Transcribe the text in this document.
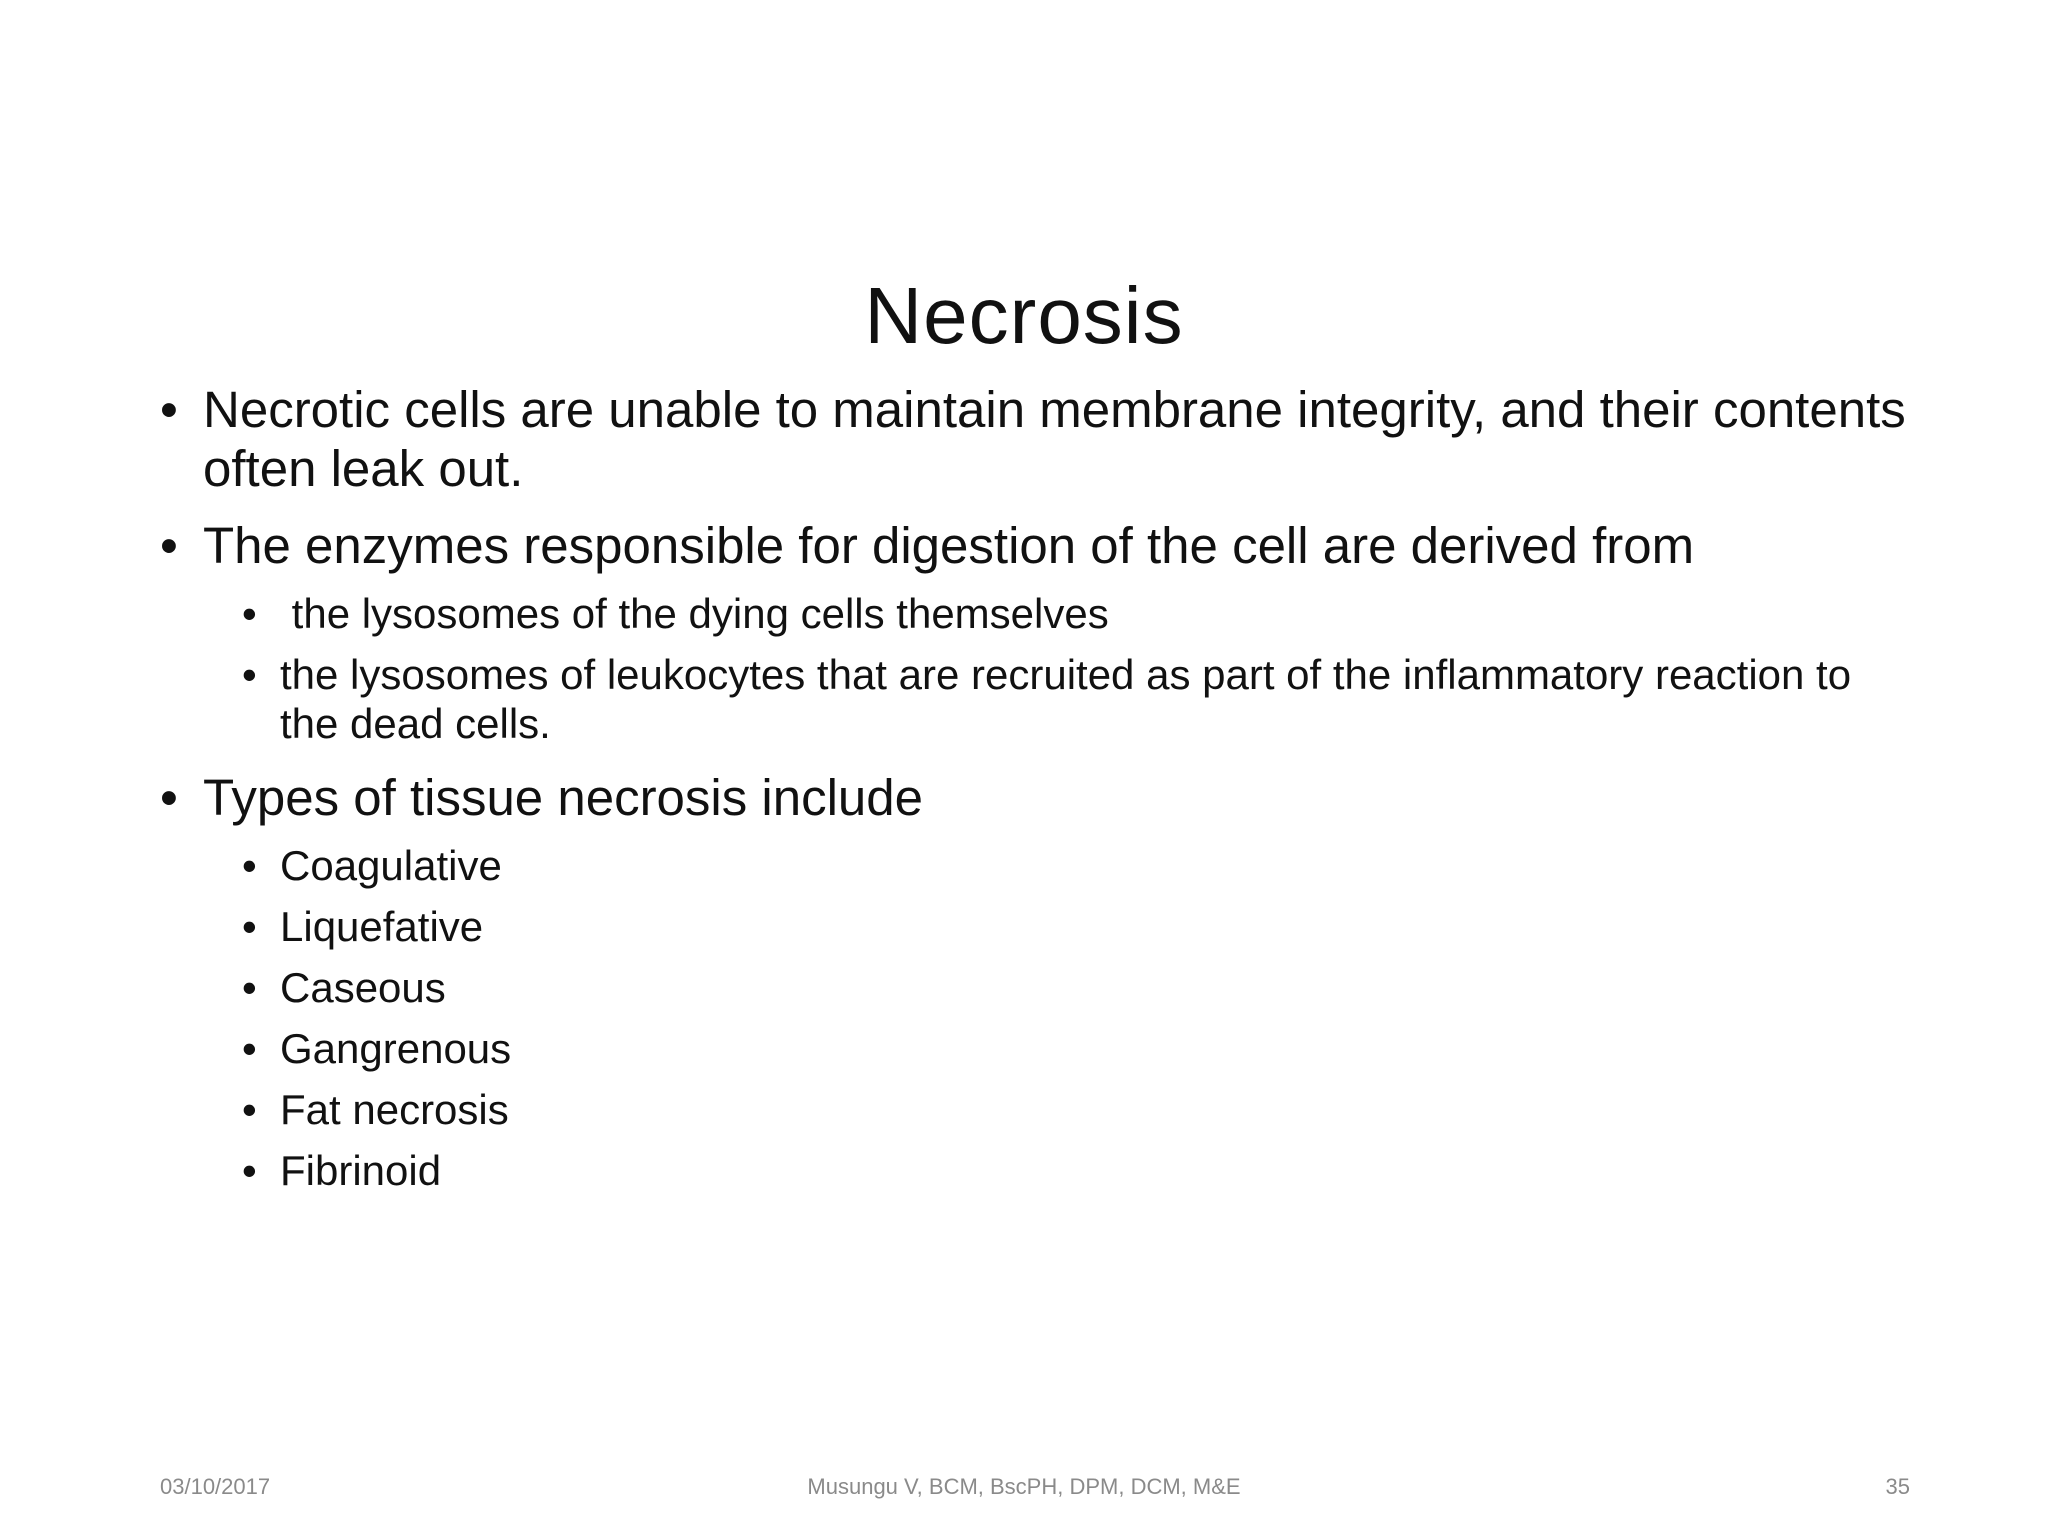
Necrosis
• Necrotic cells are unable to maintain membrane integrity, and their contents often leak out.
• The enzymes responsible for digestion of the cell are derived from
• the lysosomes of the dying cells themselves
• the lysosomes of leukocytes that are recruited as part of the inflammatory reaction to the dead cells.
• Types of tissue necrosis include
• Coagulative
• Liquefative
• Caseous
• Gangrenous
• Fat necrosis
• Fibrinoid
03/10/2017	Musungu V, BCM, BscPH, DPM, DCM, M&E	35
